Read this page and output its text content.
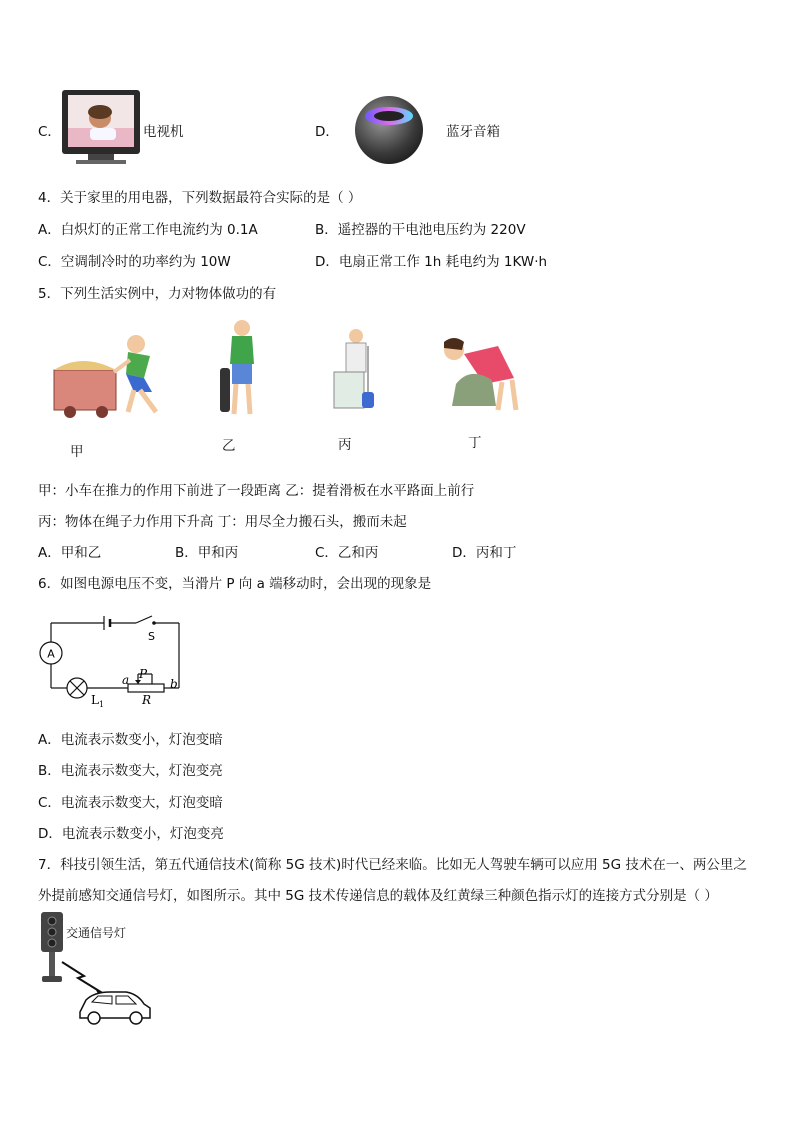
C．	电视机	D．	蓝牙音箱
4．关于家里的用电器，下列数据最符合实际的是（ ）
A．白炽灯的正常工作电流约为 0.1A	B．遥控器的干电池电压约为 220V
C．空调制冷时的功率约为 10W	D．电扇正常工作 1h 耗电约为 1KW·h
5．下列生活实例中，力对物体做功的有
甲	乙	丙	丁
甲：小车在推力的作用下前进了一段距离 乙：提着滑板在水平路面上前行
丙：物体在绳子力作用下升高 丁：用尽全力搬石头，搬而未起
A．甲和乙	B．甲和丙	C．乙和丙	D．丙和丁
6．如图电源电压不变，当滑片 P 向 a 端移动时，会出现的现象是
A
S
$L_1$
a	b
P
R
A．电流表示数变小，灯泡变暗
B．电流表示数变大，灯泡变亮
C．电流表示数变大，灯泡变暗
D．电流表示数变小，灯泡变亮
7．科技引领生活，第五代通信技术(简称 5G 技术)时代已经来临。比如无人驾驶车辆可以应用 5G 技术在一、两公里之
外提前感知交通信号灯，如图所示。其中 5G 技术传递信息的载体及红黄绿三种颜色指示灯的连接方式分别是（ ）
交通信号灯
